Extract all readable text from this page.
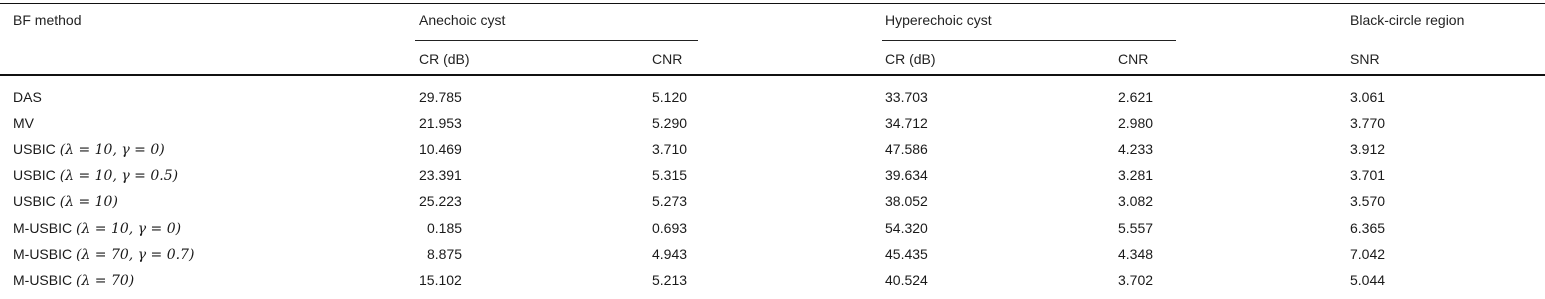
BF method	Anechoic cyst	Hyperechoic cyst	Black-circle region
CR (dB)	CNR	CR (dB)	CNR	SNR
DAS	29.785	5.120	33.703	2.621	3.061
MV	21.953	5.290	34.712	2.980	3.770
USBIC (λ = 10, γ = 0)	10.469	3.710	47.586	4.233	3.912
USBIC (λ = 10, γ = 0.5)	23.391	5.315	39.634	3.281	3.701
USBIC (λ = 10)	25.223	5.273	38.052	3.082	3.570
M-USBIC (λ = 10, γ = 0)	0.185	0.693	54.320	5.557	6.365
M-USBIC (λ = 70, γ = 0.7)	8.875	4.943	45.435	4.348	7.042
M-USBIC (λ = 70)	15.102	5.213	40.524	3.702	5.044
